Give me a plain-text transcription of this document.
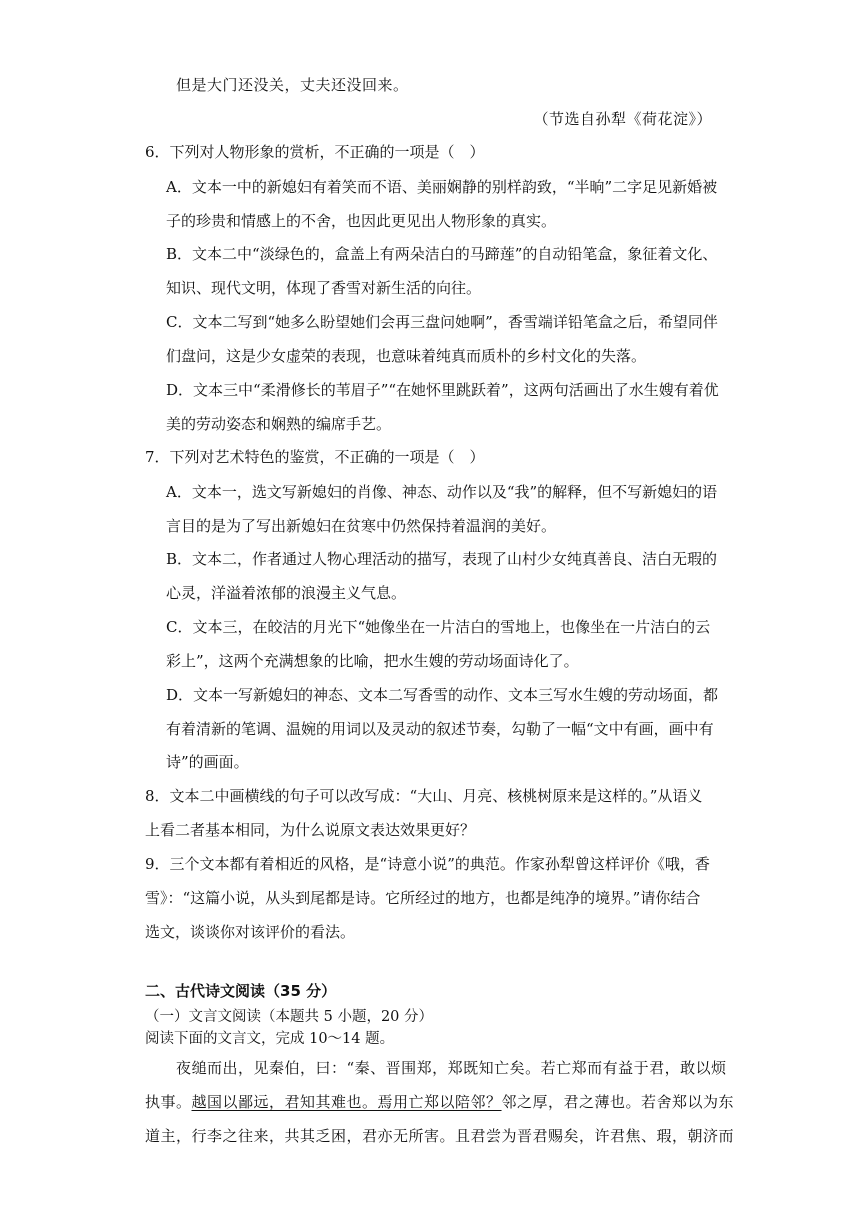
但是大门还没关，丈夫还没回来。
（节选自孙犁《荷花淀》）
6．下列对人物形象的赏析，不正确的一项是（　）
A．文本一中的新媳妇有着笑而不语、美丽娴静的别样韵致，“半晌”二字足见新婚被
子的珍贵和情感上的不舍，也因此更见出人物形象的真实。
B．文本二中“淡绿色的，盒盖上有两朵洁白的马蹄莲”的自动铅笔盒，象征着文化、
知识、现代文明，体现了香雪对新生活的向往。
C．文本二写到“她多么盼望她们会再三盘问她啊”，香雪端详铅笔盒之后，希望同伴
们盘问，这是少女虚荣的表现，也意味着纯真而质朴的乡村文化的失落。
D．文本三中“柔滑修长的苇眉子”“在她怀里跳跃着”，这两句活画出了水生嫂有着优
美的劳动姿态和娴熟的编席手艺。
7．下列对艺术特色的鉴赏，不正确的一项是（　）
A．文本一，选文写新媳妇的肖像、神态、动作以及“我”的解释，但不写新媳妇的语
言目的是为了写出新媳妇在贫寒中仍然保持着温润的美好。
B．文本二，作者通过人物心理活动的描写，表现了山村少女纯真善良、洁白无瑕的
心灵，洋溢着浓郁的浪漫主义气息。
C．文本三，在皎洁的月光下“她像坐在一片洁白的雪地上，也像坐在一片洁白的云
彩上”，这两个充满想象的比喻，把水生嫂的劳动场面诗化了。
D．文本一写新媳妇的神态、文本二写香雪的动作、文本三写水生嫂的劳动场面，都
有着清新的笔调、温婉的用词以及灵动的叙述节奏，勾勒了一幅“文中有画，画中有
诗”的画面。
8．文本二中画横线的句子可以改写成：“大山、月亮、核桃树原来是这样的。”从语义
上看二者基本相同，为什么说原文表达效果更好？
9．三个文本都有着相近的风格，是“诗意小说”的典范。作家孙犁曾这样评价《哦，香
雪》：“这篇小说，从头到尾都是诗。它所经过的地方，也都是纯净的境界。”请你结合
选文，谈谈你对该评价的看法。
二、古代诗文阅读（35 分）
（一）文言文阅读（本题共 5 小题，20 分）
阅读下面的文言文，完成 10～14 题。
夜缒而出，见秦伯，曰：“秦、晋围郑，郑既知亡矣。若亡郑而有益于君，敢以烦
执事。越国以鄙远，君知其难也。焉用亡郑以陪邻？邻之厚，君之薄也。若舍郑以为东
道主，行李之往来，共其乏困，君亦无所害。且君尝为晋君赐矣，许君焦、瑕，朝济而
